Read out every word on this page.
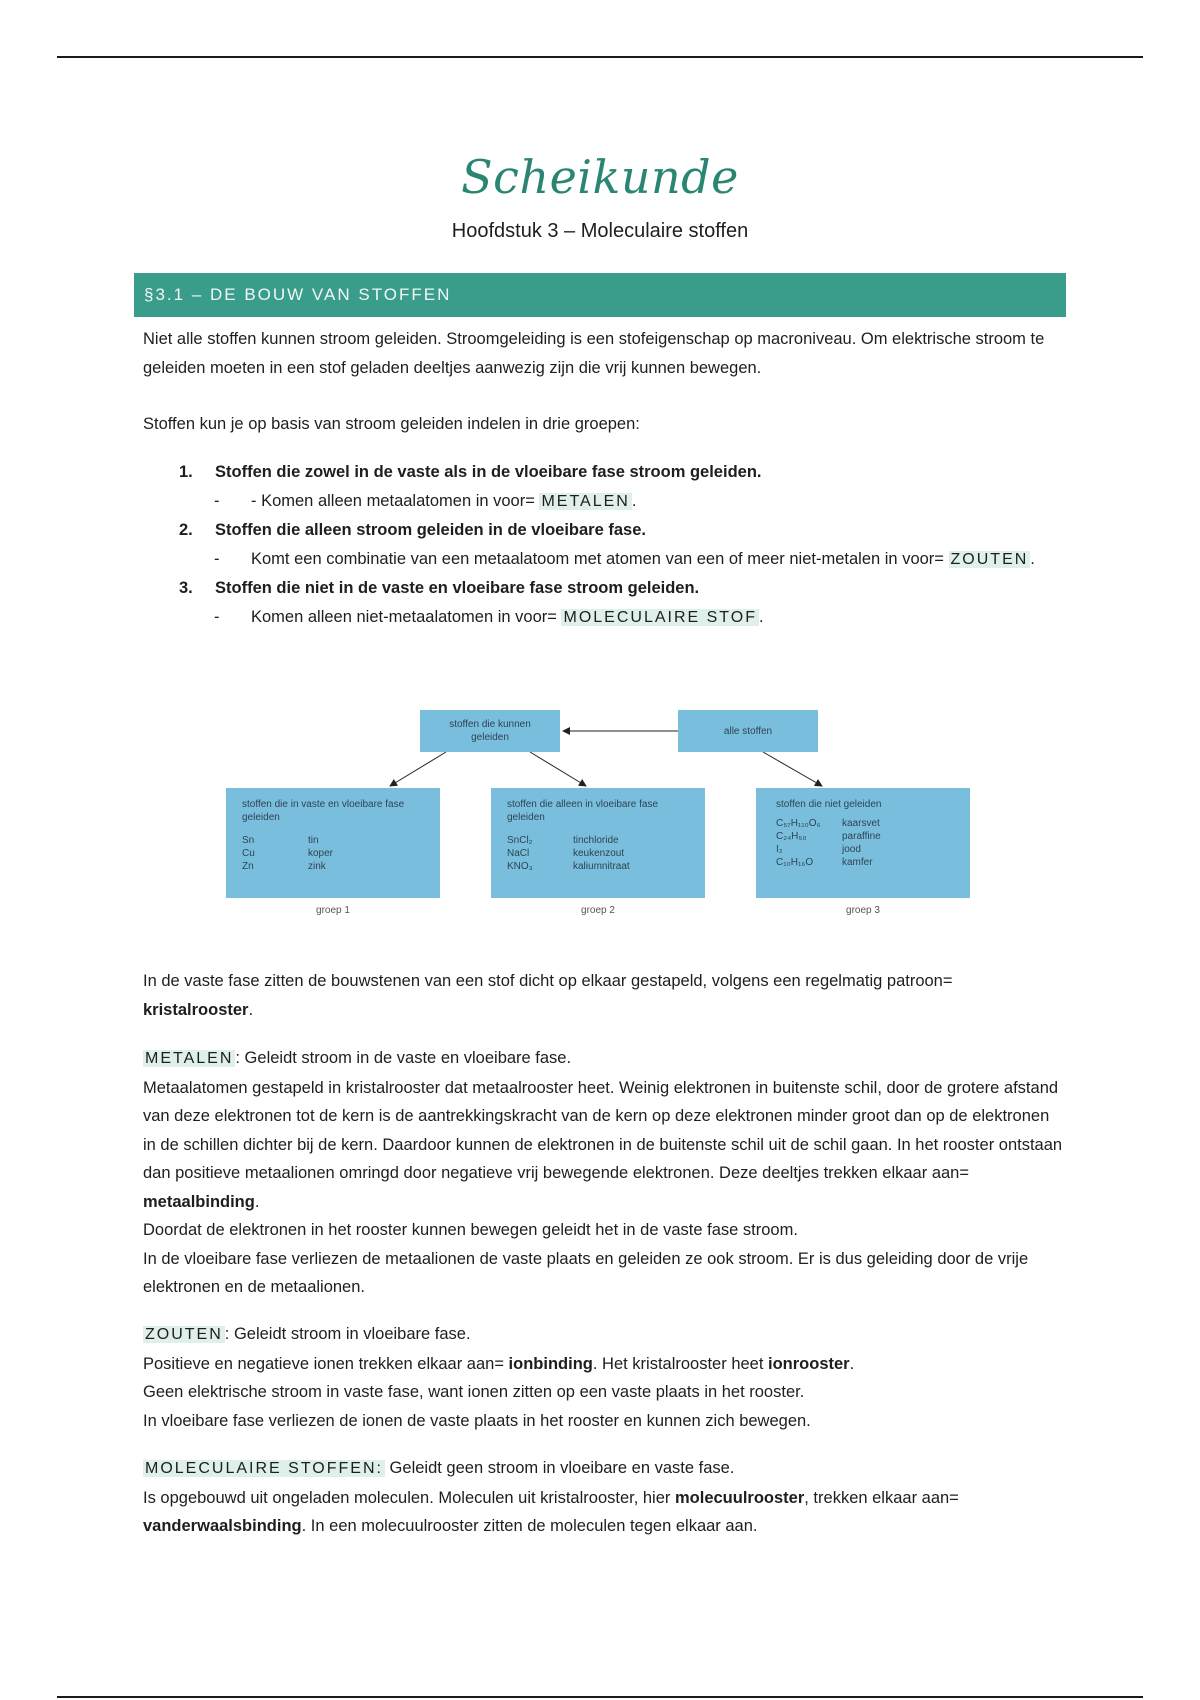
Scheikunde
Hoofdstuk 3 – Moleculaire stoffen
§3.1 – DE BOUW VAN STOFFEN
Niet alle stoffen kunnen stroom geleiden. Stroomgeleiding is een stofeigenschap op macroniveau. Om elektrische stroom te geleiden moeten in een stof geladen deeltjes aanwezig zijn die vrij kunnen bewegen.
Stoffen kun je op basis van stroom geleiden indelen in drie groepen:
1. Stoffen die zowel in de vaste als in de vloeibare fase stroom geleiden.
- - Komen alleen metaalatomen in voor= METALEN .
2. Stoffen die alleen stroom geleiden in de vloeibare fase.
- Komt een combinatie van een metaalatoom met atomen van een of meer niet-metalen in voor= ZOUTEN .
3. Stoffen die niet in de vaste en vloeibare fase stroom geleiden.
- Komen alleen niet-metaalatomen in voor= MOLECULAIRE STOF .
stoffen die kunnen geleiden
alle stoffen
stoffen die in vaste en vloeibare fase geleiden
Sn	tin
Cu	koper
Zn	zink
groep 1
stoffen die alleen in vloeibare fase geleiden
SnCl₂	tinchloride
NaCl	keukenzout
KNO₃	kaliumnitraat
groep 2
stoffen die niet geleiden
C₅₇H₁₁₀O₆	kaarsvet
C₂₄H₅₀	paraffine
I₂	jood
C₁₀H₁₆O	kamfer
groep 3
In de vaste fase zitten de bouwstenen van een stof dicht op elkaar gestapeld, volgens een regelmatig patroon= kristalrooster.
METALEN : Geleidt stroom in de vaste en vloeibare fase.
Metaalatomen gestapeld in kristalrooster dat metaalrooster heet. Weinig elektronen in buitenste schil, door de grotere afstand van deze elektronen tot de kern is de aantrekkingskracht van de kern op deze elektronen minder groot dan op de elektronen in de schillen dichter bij de kern. Daardoor kunnen de elektronen in de buitenste schil uit de schil gaan. In het rooster ontstaan dan positieve metaalionen omringd door negatieve vrij bewegende elektronen. Deze deeltjes trekken elkaar aan= metaalbinding.
Doordat de elektronen in het rooster kunnen bewegen geleidt het in de vaste fase stroom.
In de vloeibare fase verliezen de metaalionen de vaste plaats en geleiden ze ook stroom. Er is dus geleiding door de vrije elektronen en de metaalionen.
ZOUTEN : Geleidt stroom in vloeibare fase.
Positieve en negatieve ionen trekken elkaar aan= ionbinding. Het kristalrooster heet ionrooster.
Geen elektrische stroom in vaste fase, want ionen zitten op een vaste plaats in het rooster.
In vloeibare fase verliezen de ionen de vaste plaats in het rooster en kunnen zich bewegen.
MOLECULAIRE STOFFEN: Geleidt geen stroom in vloeibare en vaste fase.
Is opgebouwd uit ongeladen moleculen. Moleculen uit kristalrooster, hier molecuulrooster, trekken elkaar aan= vanderwaalsbinding. In een molecuulrooster zitten de moleculen tegen elkaar aan.
